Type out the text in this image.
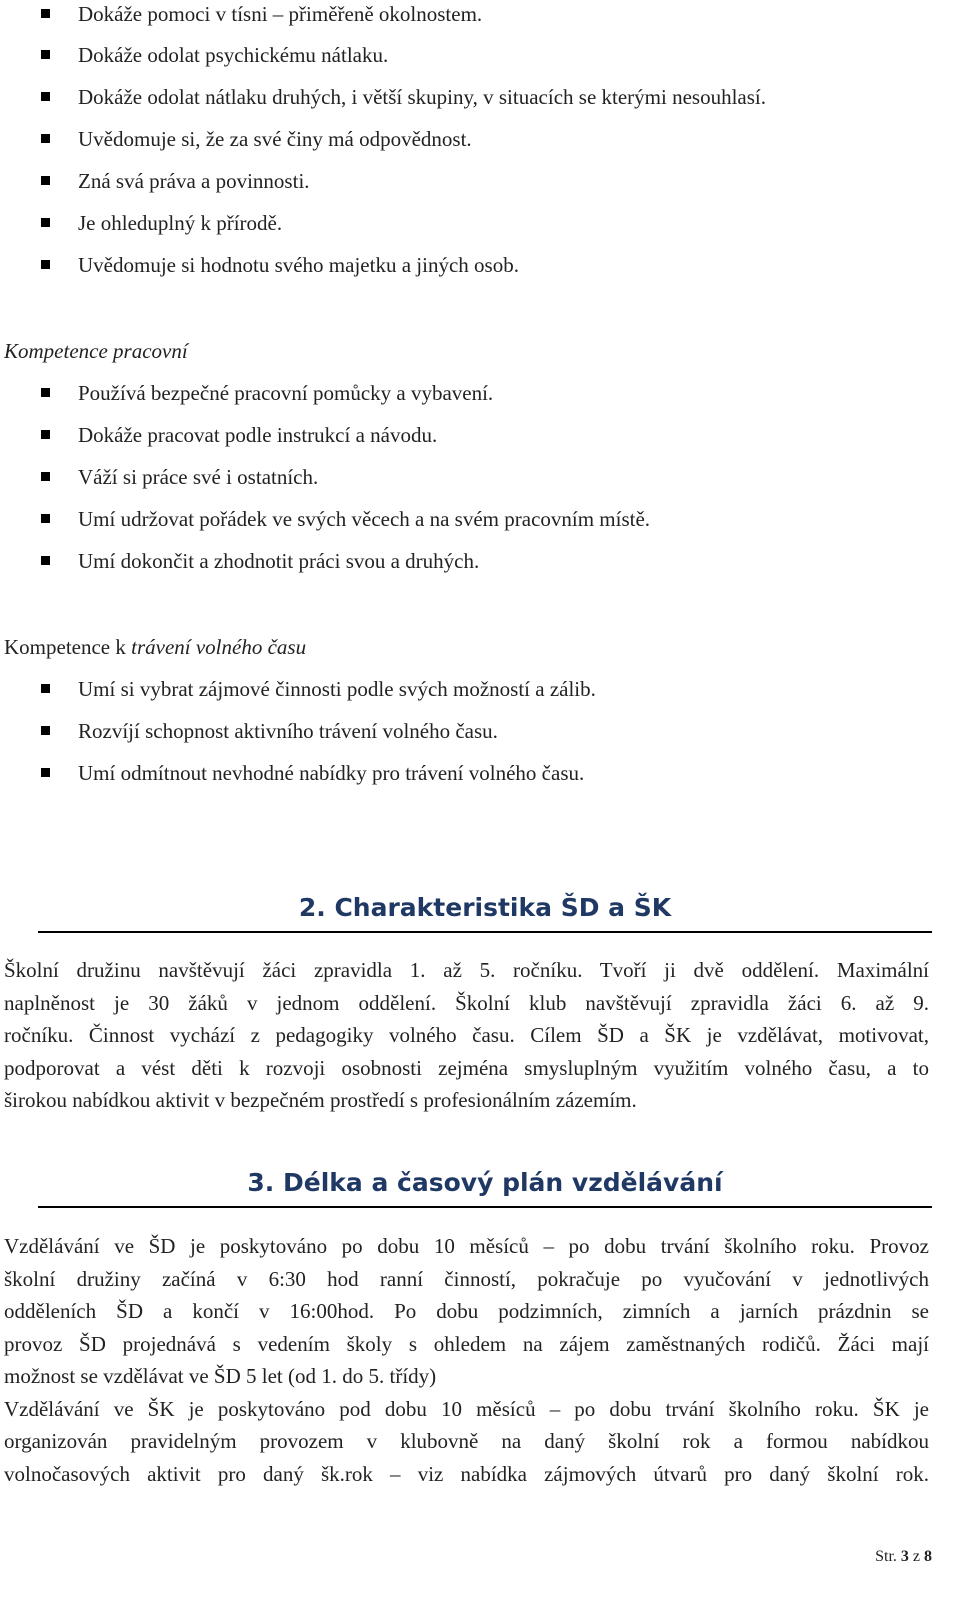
Dokáže pomoci v tísni – přiměřeně okolnostem.
Dokáže odolat psychickému nátlaku.
Dokáže odolat nátlaku druhých, i větší skupiny, v situacích se kterými nesouhlasí.
Uvědomuje si, že za své činy má odpovědnost.
Zná svá práva a povinnosti.
Je ohleduplný k přírodě.
Uvědomuje si hodnotu svého majetku a jiných osob.
Kompetence pracovní
Používá bezpečné pracovní pomůcky a vybavení.
Dokáže pracovat podle instrukcí a návodu.
Váží si práce své i ostatních.
Umí udržovat pořádek ve svých věcech a na svém pracovním místě.
Umí dokončit a zhodnotit práci svou a druhých.
Kompetence k trávení volného času
Umí si vybrat zájmové činnosti podle svých možností a zálib.
Rozvíjí schopnost aktivního trávení volného času.
Umí odmítnout nevhodné nabídky pro trávení volného času.
2. Charakteristika ŠD a ŠK
Školní družinu navštěvují žáci zpravidla 1. až 5. ročníku. Tvoří ji dvě oddělení. Maximální
naplněnost je 30 žáků v jednom oddělení. Školní klub navštěvují zpravidla žáci 6. až 9.
ročníku. Činnost vychází z pedagogiky volného času. Cílem ŠD a ŠK je vzdělávat, motivovat,
podporovat a vést děti k rozvoji osobnosti zejména smysluplným využitím volného času, a to
širokou nabídkou aktivit v bezpečném prostředí s profesionálním zázemím.
3. Délka a časový plán vzdělávání
Vzdělávání ve ŠD je poskytováno po dobu 10 měsíců – po dobu trvání školního roku. Provoz
školní družiny začíná v 6:30 hod ranní činností, pokračuje po vyučování v jednotlivých
odděleních ŠD a končí v 16:00hod. Po dobu podzimních, zimních a jarních prázdnin se
provoz ŠD projednává s vedením školy s ohledem na zájem zaměstnaných rodičů. Žáci mají
možnost se vzdělávat ve ŠD 5 let (od 1. do 5. třídy)
Vzdělávání ve ŠK je poskytováno pod dobu 10 měsíců – po dobu trvání školního roku. ŠK je
organizován pravidelným provozem v klubovně na daný školní rok a formou nabídkou
volnočasových aktivit pro daný šk.rok – viz nabídka zájmových útvarů pro daný školní rok.
Str. 3 z 8
